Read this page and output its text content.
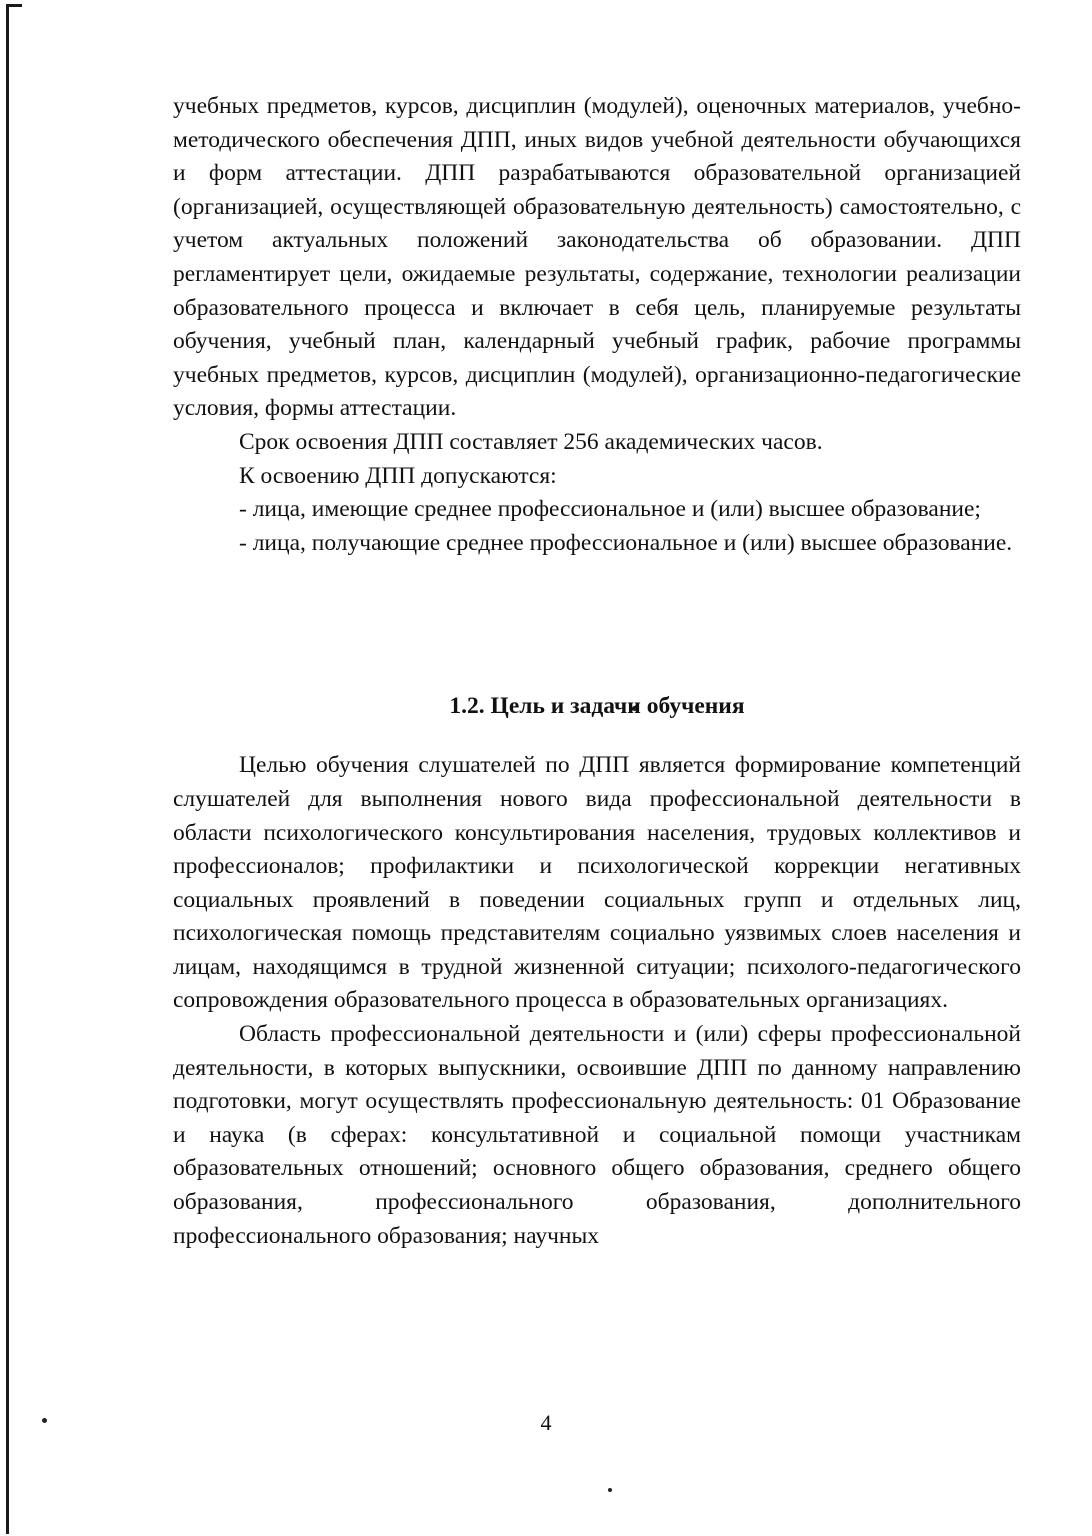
учебных предметов, курсов, дисциплин (модулей), оценочных материалов, учебно-методического обеспечения ДПП, иных видов учебной деятельности обучающихся и форм аттестации. ДПП разрабатываются образовательной организацией (организацией, осуществляющей образовательную деятельность) самостоятельно, с учетом актуальных положений законодательства об образовании. ДПП регламентирует цели, ожидаемые результаты, содержание, технологии реализации образовательного процесса и включает в себя цель, планируемые результаты обучения, учебный план, календарный учебный график, рабочие программы учебных предметов, курсов, дисциплин (модулей), организационно-педагогические условия, формы аттестации.

Срок освоения ДПП составляет 256 академических часов.

К освоению ДПП допускаются:

- лица, имеющие среднее профессиональное и (или) высшее образование;

- лица, получающие среднее профессиональное и (или) высшее образование.

1.2. Цель и задачи обучения

Целью обучения слушателей по ДПП является формирование компетенций слушателей для выполнения нового вида профессиональной деятельности в области психологического консультирования населения, трудовых коллективов и профессионалов; профилактики и психологической коррекции негативных социальных проявлений в поведении социальных групп и отдельных лиц, психологическая помощь представителям социально уязвимых слоев населения и лицам, находящимся в трудной жизненной ситуации; психолого-педагогического сопровождения образовательного процесса в образовательных организациях.

Область профессиональной деятельности и (или) сферы профессиональной деятельности, в которых выпускники, освоившие ДПП по данному направлению подготовки, могут осуществлять профессиональную деятельность: 01 Образование и наука (в сферах: консультативной и социальной помощи участникам образовательных отношений; основного общего образования, среднего общего образования, профессионального образования, дополнительного профессионального образования; научных

4
